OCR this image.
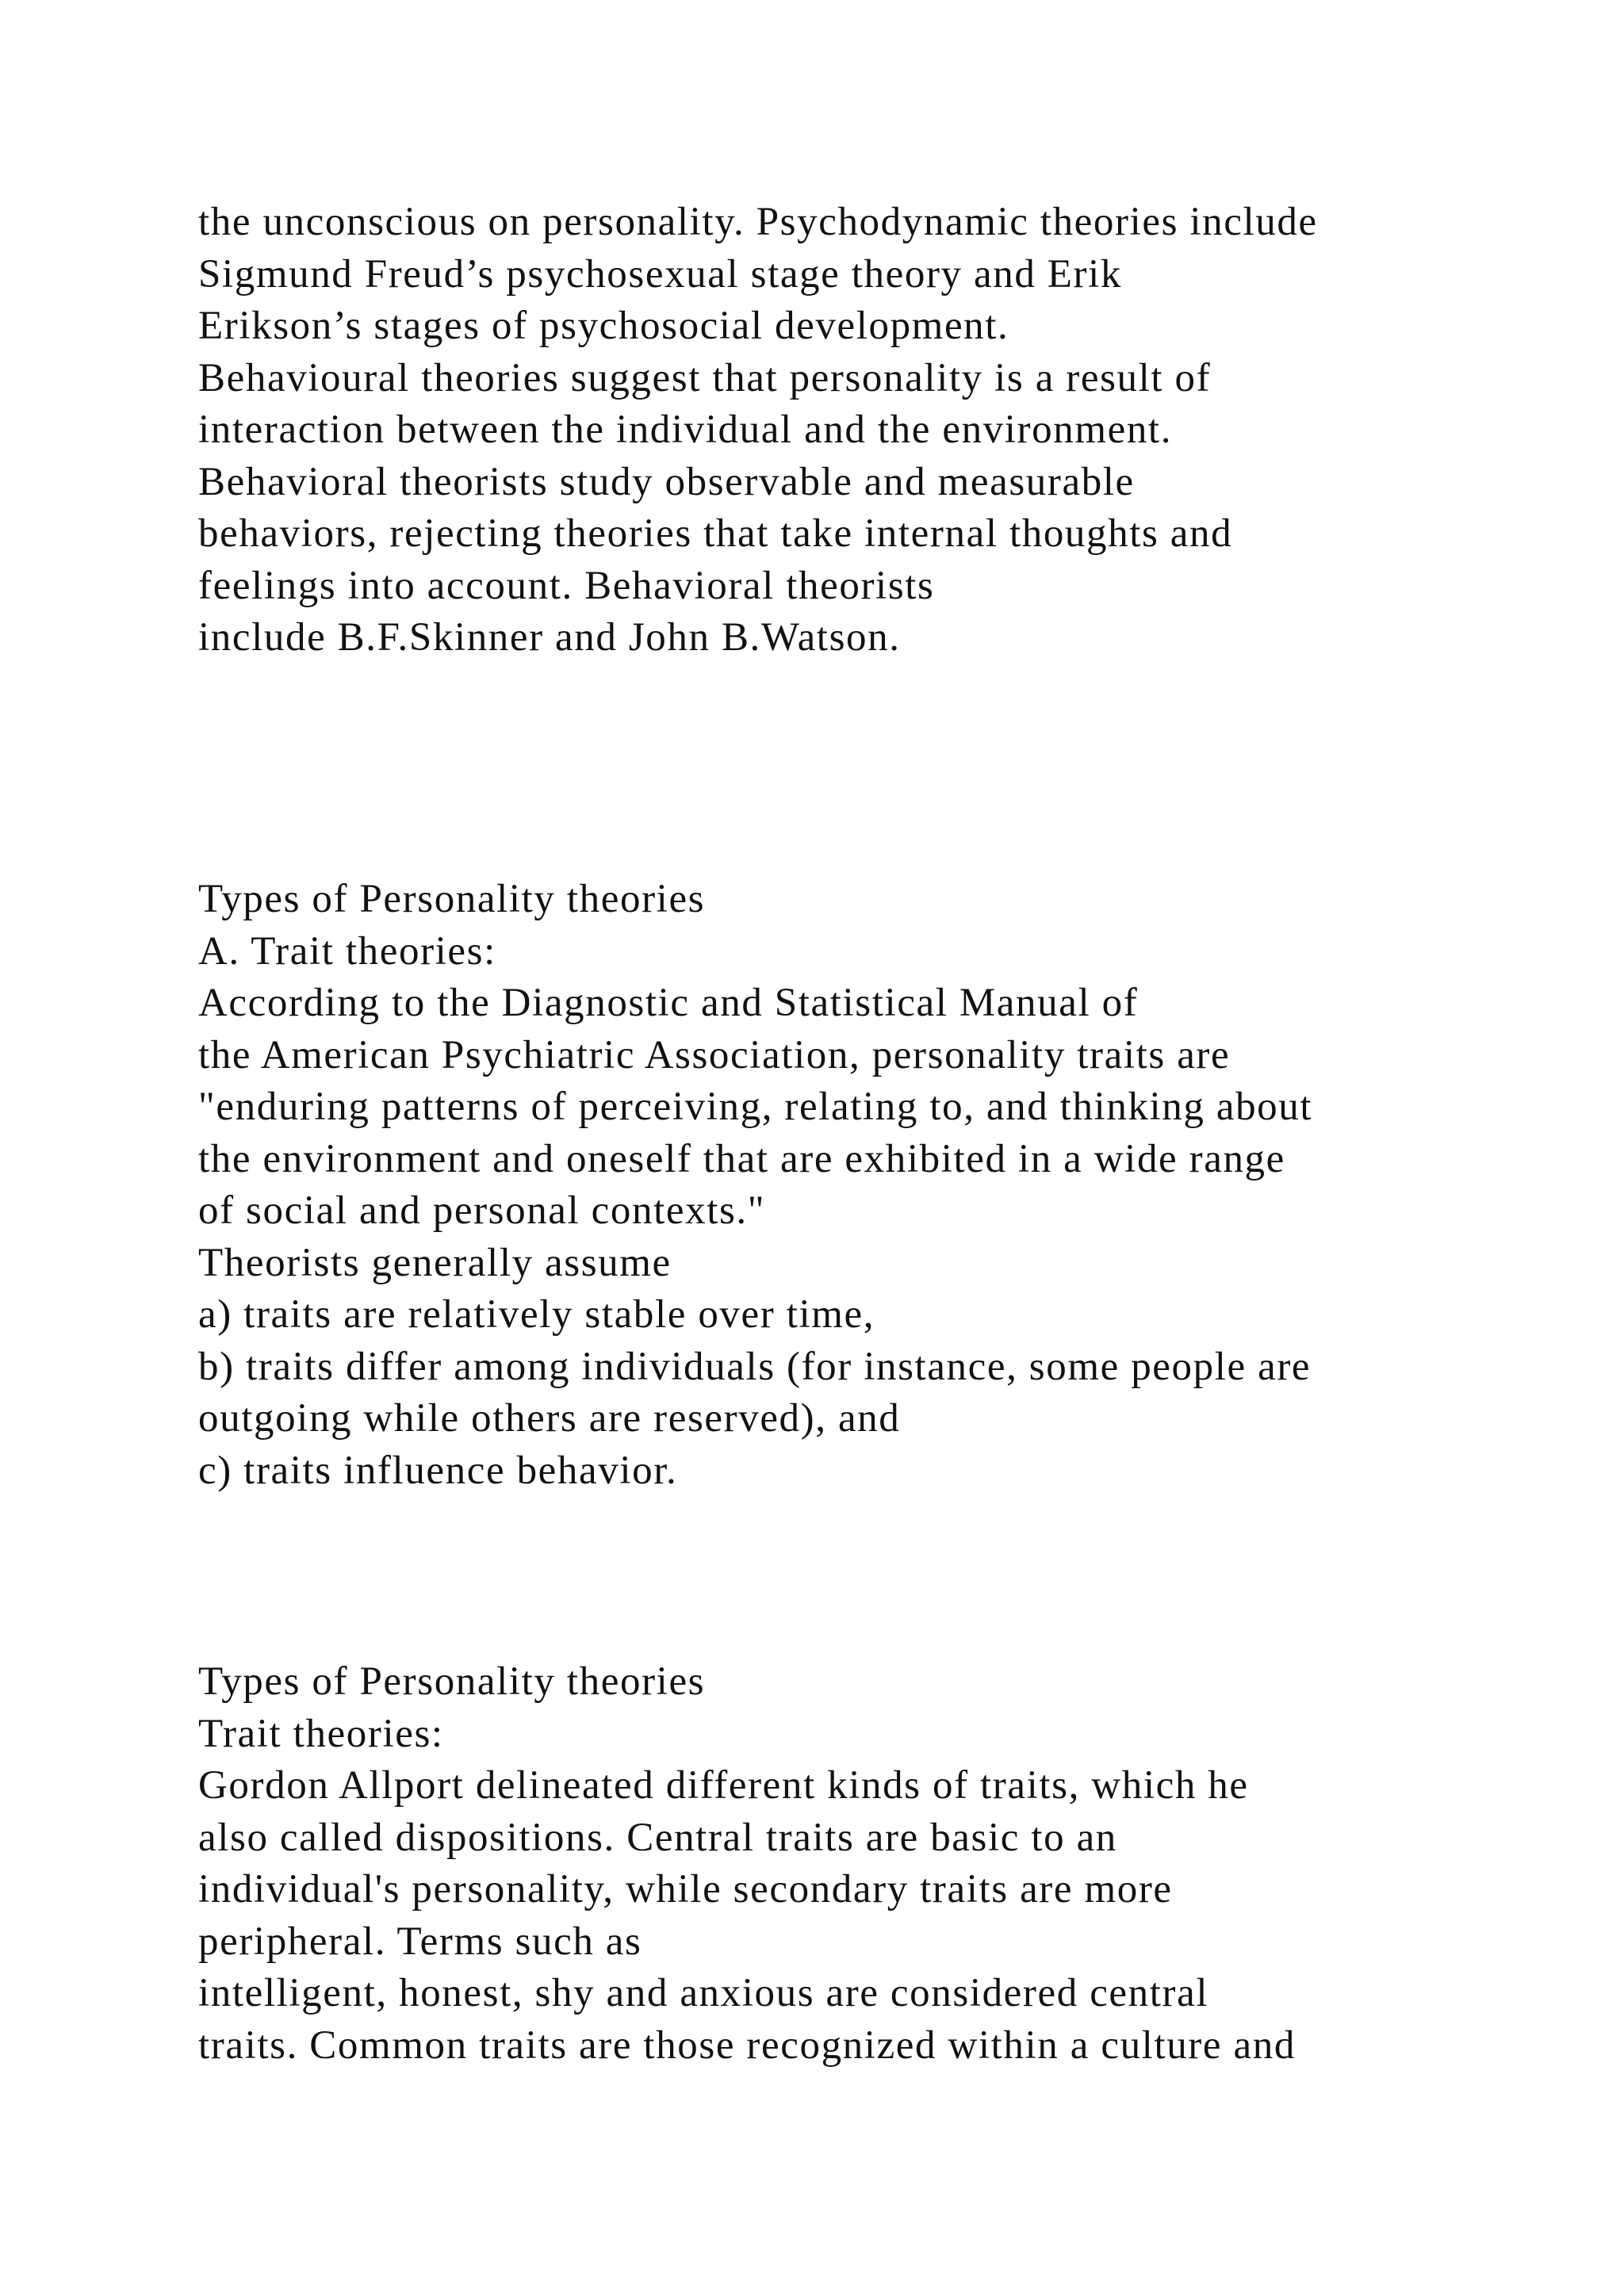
the unconscious on personality. Psychodynamic theories include
Sigmund Freud’s psychosexual stage theory and Erik
Erikson’s stages of psychosocial development.
Behavioural theories suggest that personality is a result of
interaction between the individual and the environment.
Behavioral theorists study observable and measurable
behaviors, rejecting theories that take internal thoughts and
feelings into account. Behavioral theorists
include B.F.Skinner and John B.Watson.
Types of Personality theories
A. Trait theories:
According to the Diagnostic and Statistical Manual of
the American Psychiatric Association, personality traits are
"enduring patterns of perceiving, relating to, and thinking about
the environment and oneself that are exhibited in a wide range
of social and personal contexts."
Theorists generally assume
a) traits are relatively stable over time,
b) traits differ among individuals (for instance, some people are
outgoing while others are reserved), and
c) traits influence behavior.
Types of Personality theories
Trait theories:
Gordon Allport delineated different kinds of traits, which he
also called dispositions. Central traits are basic to an
individual's personality, while secondary traits are more
peripheral. Terms such as
intelligent, honest, shy and anxious are considered central
traits. Common traits are those recognized within a culture and
